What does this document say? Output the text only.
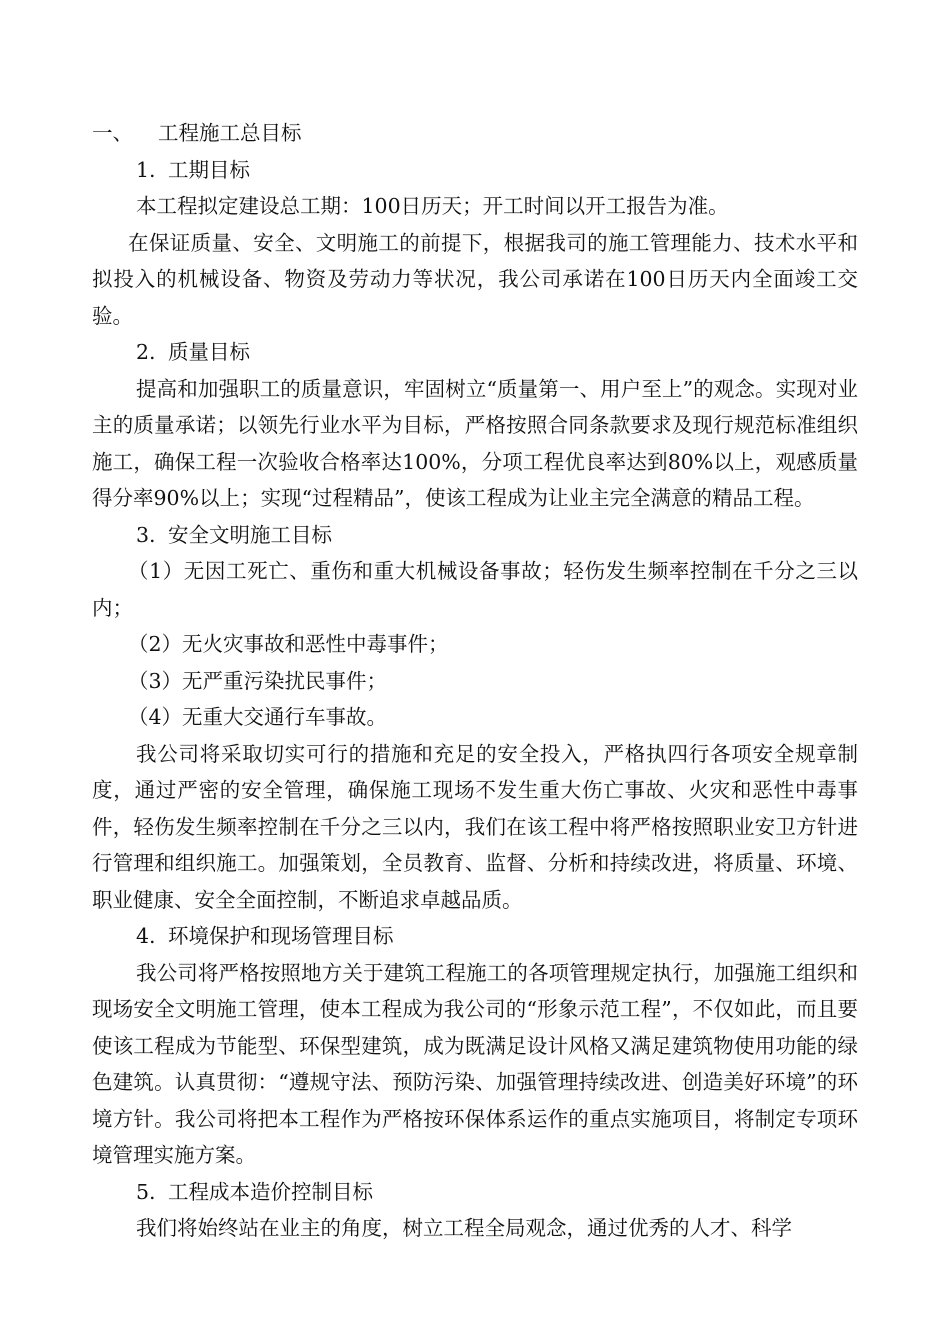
一、 工程施工总目标

1. 工期目标

本工程拟定建设总工期：100日历天；开工时间以开工报告为准。

在保证质量、安全、文明施工的前提下，根据我司的施工管理能力、技术水平和拟投入的机械设备、物资及劳动力等状况，我公司承诺在100日历天内全面竣工交验。

2. 质量目标

提高和加强职工的质量意识，牢固树立“质量第一、用户至上”的观念。实现对业主的质量承诺；以领先行业水平为目标，严格按照合同条款要求及现行规范标准组织施工，确保工程一次验收合格率达100%，分项工程优良率达到80%以上，观感质量得分率90%以上；实现“过程精品”，使该工程成为让业主完全满意的精品工程。

3. 安全文明施工目标

（1）无因工死亡、重伤和重大机械设备事故；轻伤发生频率控制在千分之三以内；

（2）无火灾事故和恶性中毒事件；

（3）无严重污染扰民事件；

（4）无重大交通行车事故。

我公司将采取切实可行的措施和充足的安全投入，严格执四行各项安全规章制度，通过严密的安全管理，确保施工现场不发生重大伤亡事故、火灾和恶性中毒事件，轻伤发生频率控制在千分之三以内，我们在该工程中将严格按照职业安卫方针进行管理和组织施工。加强策划，全员教育、监督、分析和持续改进，将质量、环境、职业健康、安全全面控制，不断追求卓越品质。

4. 环境保护和现场管理目标

我公司将严格按照地方关于建筑工程施工的各项管理规定执行，加强施工组织和现场安全文明施工管理，使本工程成为我公司的“形象示范工程”，不仅如此，而且要使该工程成为节能型、环保型建筑，成为既满足设计风格又满足建筑物使用功能的绿色建筑。认真贯彻：“遵规守法、预防污染、加强管理持续改进、创造美好环境”的环境方针。我公司将把本工程作为严格按环保体系运作的重点实施项目，将制定专项环境管理实施方案。

5. 工程成本造价控制目标

我们将始终站在业主的角度，树立工程全局观念，通过优秀的人才、科学
